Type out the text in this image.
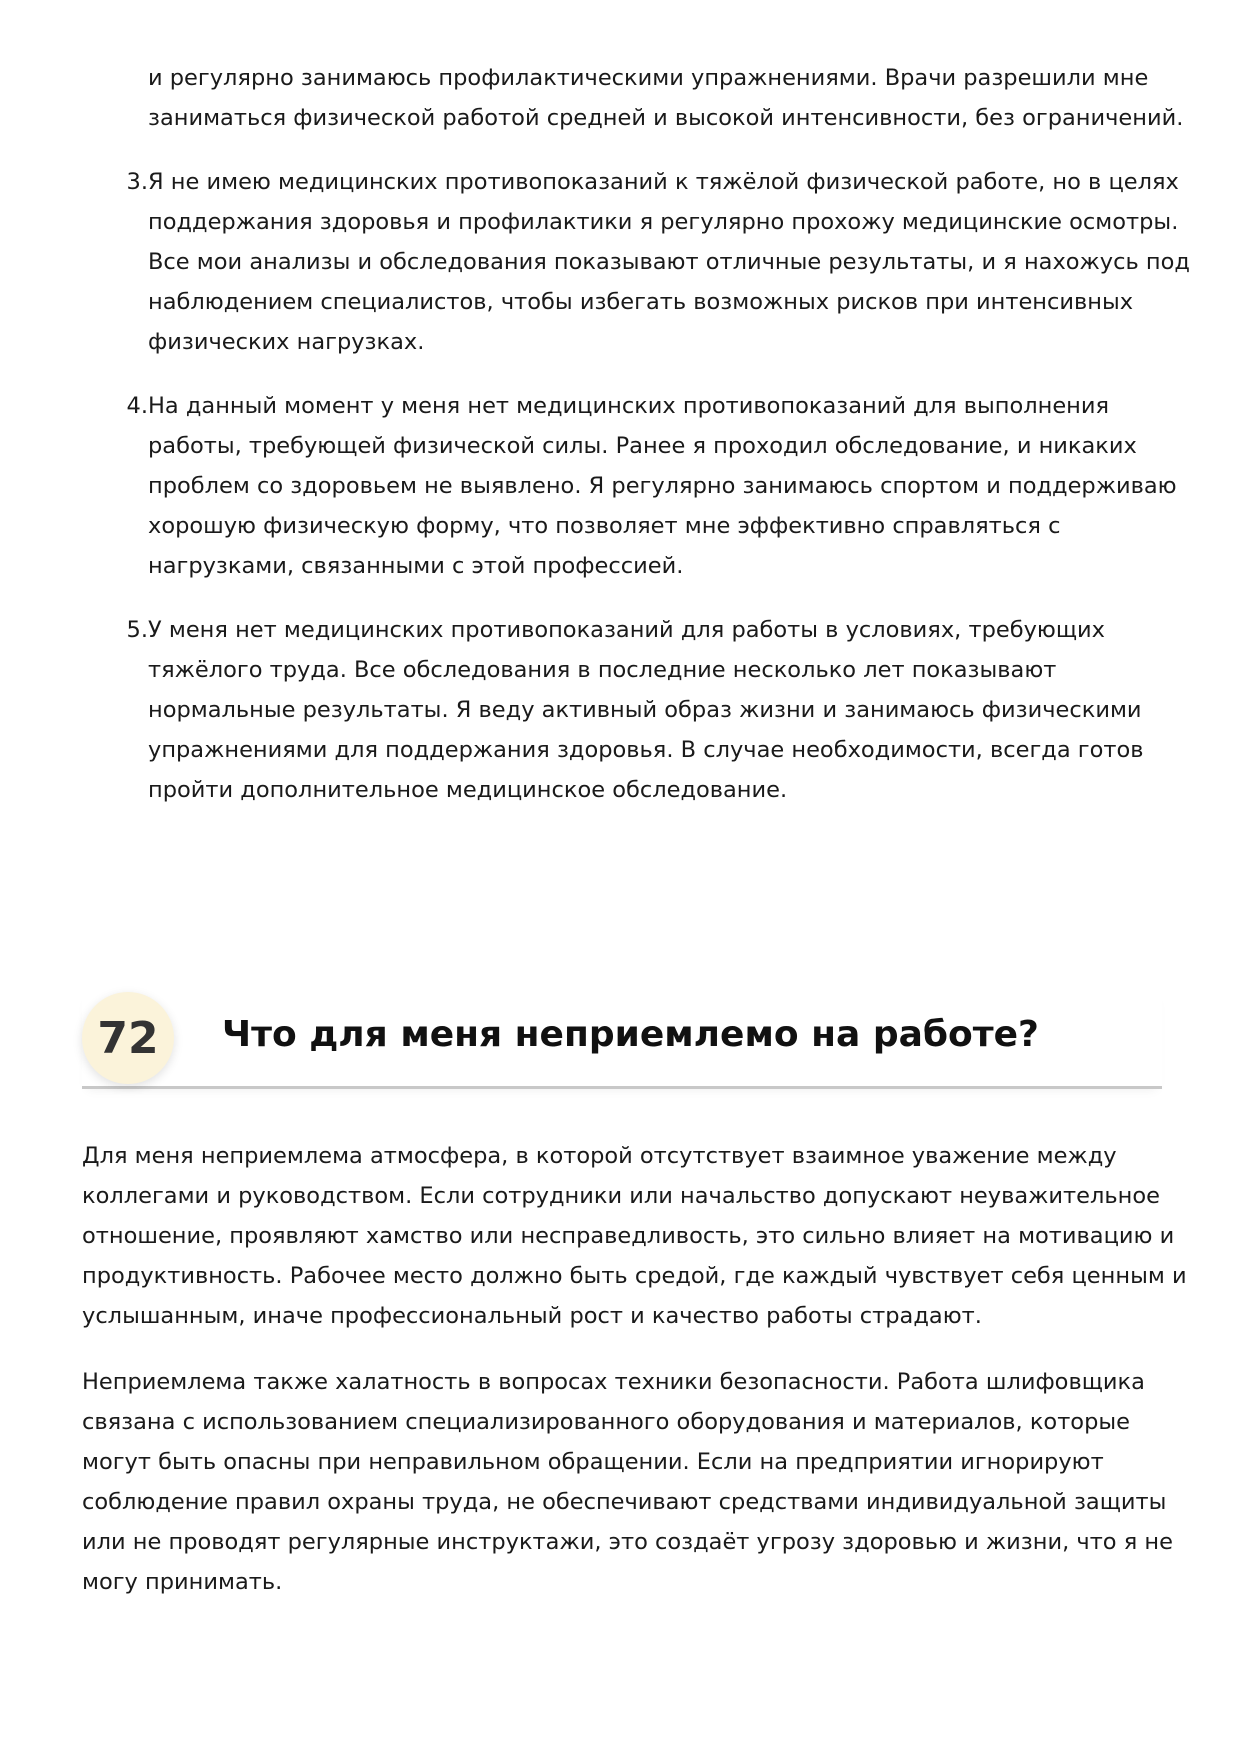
и регулярно занимаюсь профилактическими упражнениями. Врачи разрешили мне
заниматься физической работой средней и высокой интенсивности, без ограничений.
3. Я не имею медицинских противопоказаний к тяжёлой физической работе, но в целях
поддержания здоровья и профилактики я регулярно прохожу медицинские осмотры.
Все мои анализы и обследования показывают отличные результаты, и я нахожусь под
наблюдением специалистов, чтобы избегать возможных рисков при интенсивных
физических нагрузках.
4. На данный момент у меня нет медицинских противопоказаний для выполнения
работы, требующей физической силы. Ранее я проходил обследование, и никаких
проблем со здоровьем не выявлено. Я регулярно занимаюсь спортом и поддерживаю
хорошую физическую форму, что позволяет мне эффективно справляться с
нагрузками, связанными с этой профессией.
5. У меня нет медицинских противопоказаний для работы в условиях, требующих
тяжёлого труда. Все обследования в последние несколько лет показывают
нормальные результаты. Я веду активный образ жизни и занимаюсь физическими
упражнениями для поддержания здоровья. В случае необходимости, всегда готов
пройти дополнительное медицинское обследование.
72	Что для меня неприемлемо на работе?

Для меня неприемлема атмосфера, в которой отсутствует взаимное уважение между
коллегами и руководством. Если сотрудники или начальство допускают неуважительное
отношение, проявляют хамство или несправедливость, это сильно влияет на мотивацию и
продуктивность. Рабочее место должно быть средой, где каждый чувствует себя ценным и
услышанным, иначе профессиональный рост и качество работы страдают.

Неприемлема также халатность в вопросах техники безопасности. Работа шлифовщика
связана с использованием специализированного оборудования и материалов, которые
могут быть опасны при неправильном обращении. Если на предприятии игнорируют
соблюдение правил охраны труда, не обеспечивают средствами индивидуальной защиты
или не проводят регулярные инструктажи, это создаёт угрозу здоровью и жизни, что я не
могу принимать.
